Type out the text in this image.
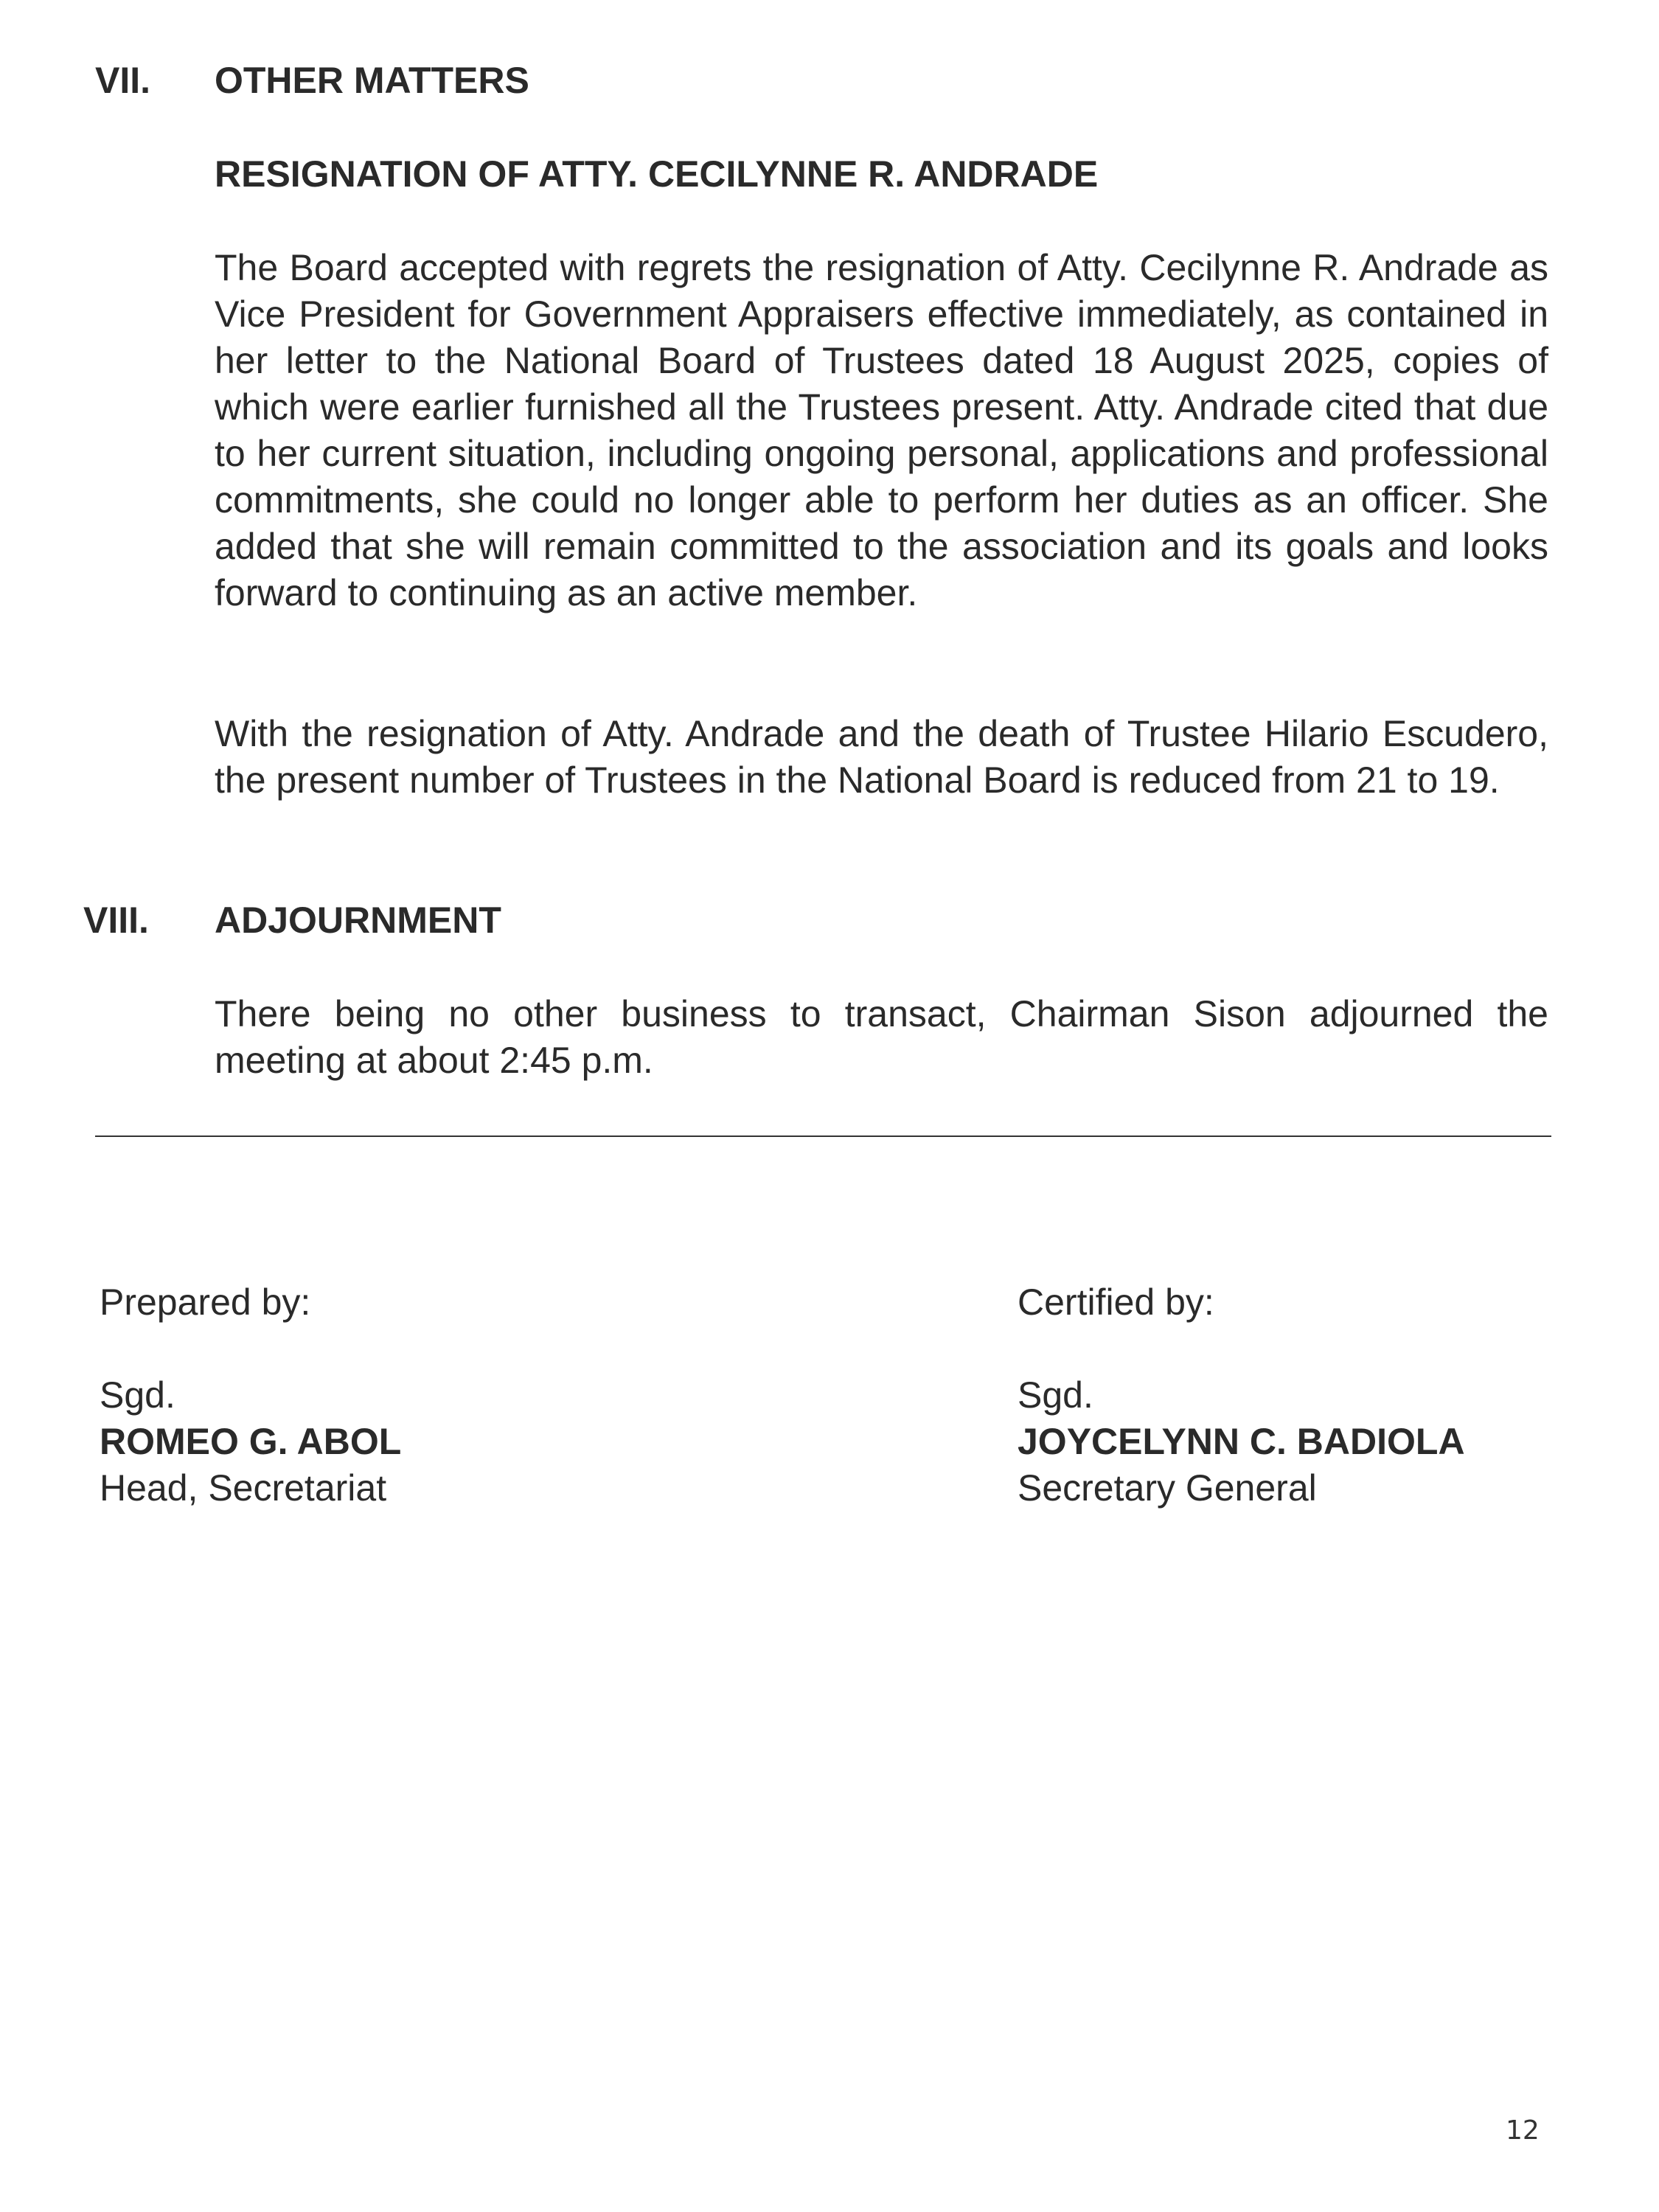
VII. OTHER MATTERS
RESIGNATION OF ATTY. CECILYNNE R. ANDRADE

The Board accepted with regrets the resignation of Atty. Cecilynne R. Andrade as Vice President for Government Appraisers effective immediately, as contained in her letter to the National Board of Trustees dated 18 August 2025, copies of which were earlier furnished all the Trustees present. Atty. Andrade cited that due to her current situation, including ongoing personal, applications and professional commitments, she could no longer able to perform her duties as an officer. She added that she will remain committed to the association and its goals and looks forward to continuing as an active member.

With the resignation of Atty. Andrade and the death of Trustee Hilario Escudero, the present number of Trustees in the National Board is reduced from 21 to 19.

VIII. ADJOURNMENT

There being no other business to transact, Chairman Sison adjourned the meeting at about 2:45 p.m.

Prepared by:
Sgd.
ROMEO G. ABOL
Head, Secretariat
Certified by:
Sgd.
JOYCELYNN C. BADIOLA
Secretary General
12
